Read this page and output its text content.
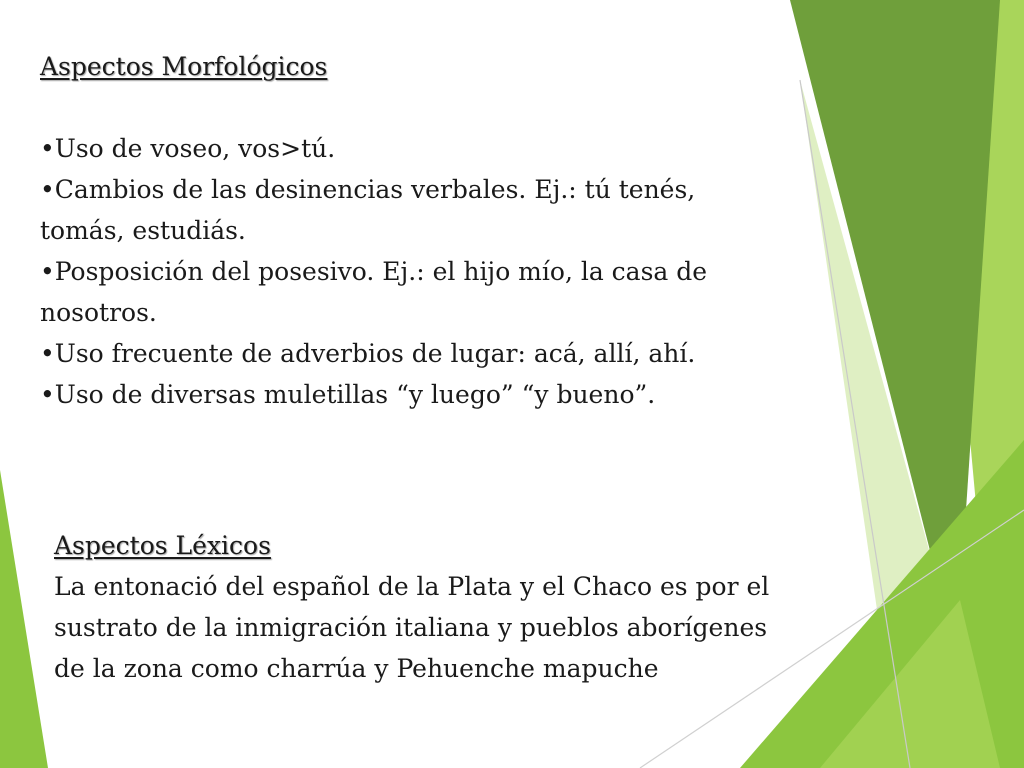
Aspectos Morfológicos

•Uso de voseo, vos>tú.

•Cambios de las desinencias verbales. Ej.: tú tenés, tomás, estudiás.

•Posposición del posesivo. Ej.: el hijo mío, la casa de nosotros.

•Uso frecuente de adverbios de lugar: acá, allí, ahí.

•Uso de diversas muletillas “y luego” “y bueno”.

Aspectos Léxicos

La entonació del español de la Plata y el Chaco es por el sustrato de la inmigración italiana y pueblos aborígenes de la zona como charrúa y Pehuenche mapuche
